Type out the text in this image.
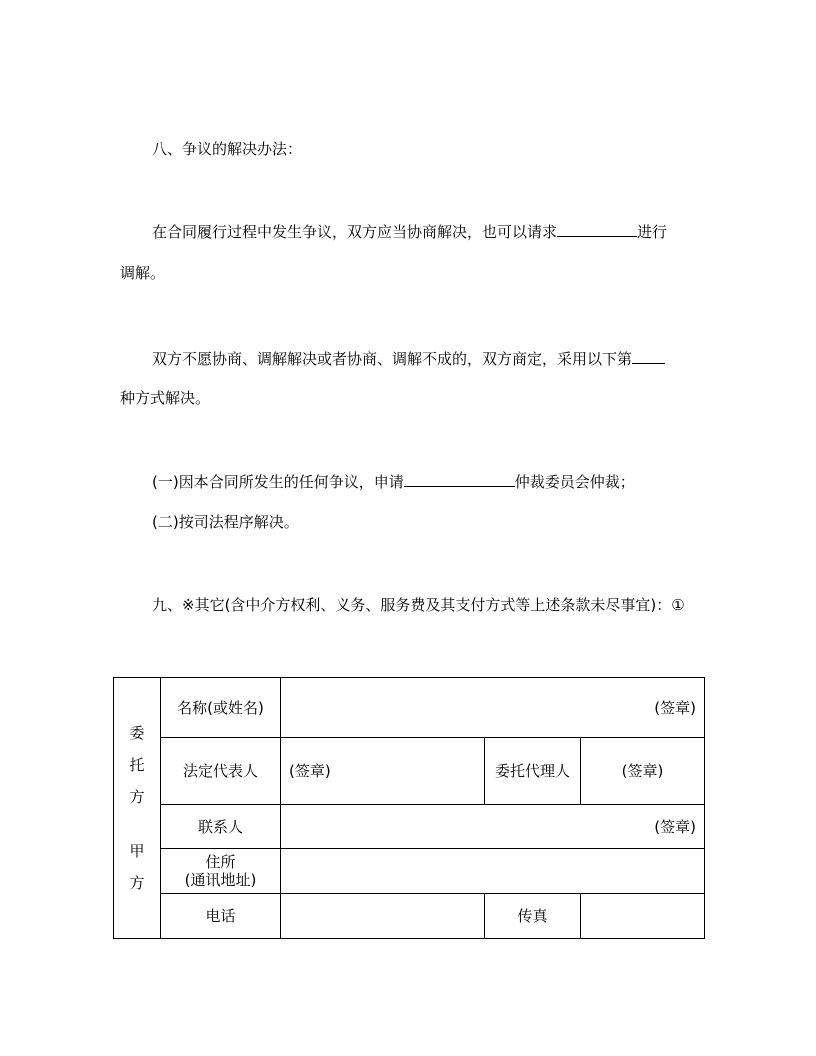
八、争议的解决办法：
在合同履行过程中发生争议，双方应当协商解决，也可以请求	进行
调解。
双方不愿协商、调解解决或者协商、调解不成的，双方商定，采用以下第
种方式解决。
(一)因本合同所发生的任何争议，申请	仲裁委员会仲裁；
(二)按司法程序解决。
九、※其它(含中介方权利、义务、服务费及其支付方式等上述条款未尽事宜)：①
委
托
方
甲
方	名称(或姓名)	(签章)		
	法定代表人	(签章)	委托代理人	(签章)
	联系人	(签章)		

	住所
(通讯地址)			

	电话		传真	
